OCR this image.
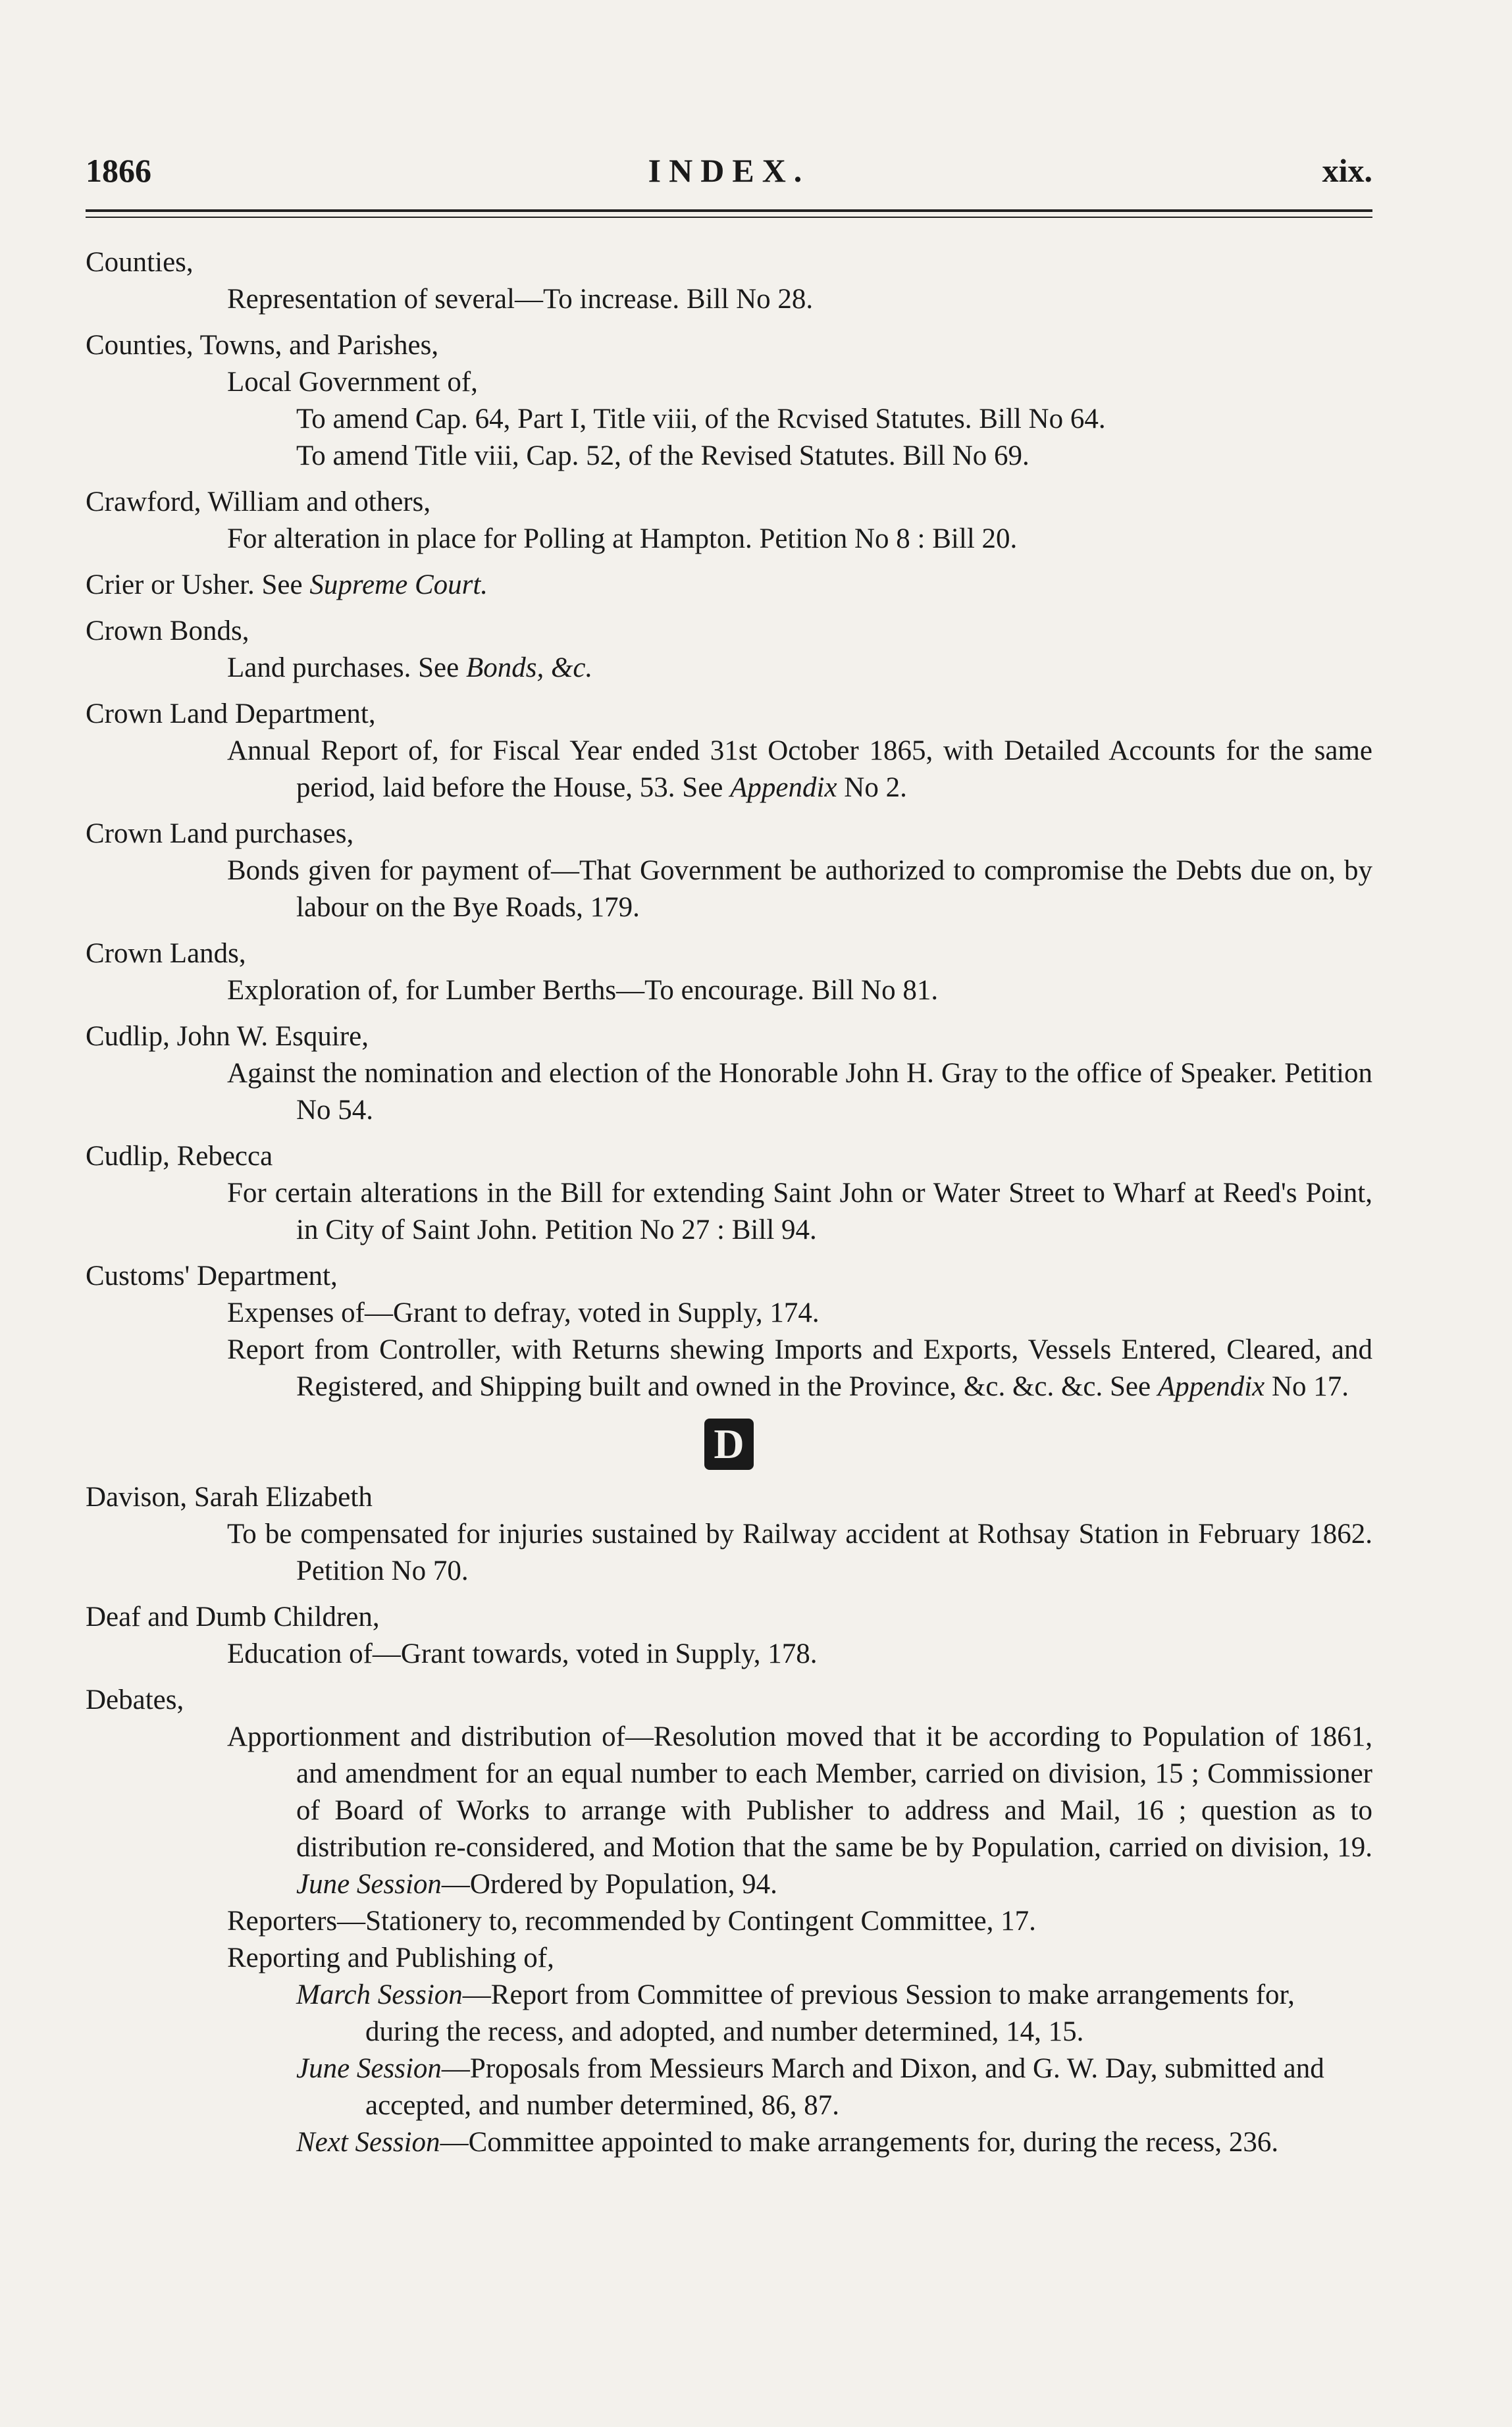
1866	INDEX.	xix.
Counties,
Representation of several—To increase. Bill No 28.
Counties, Towns, and Parishes,
Local Government of,
To amend Cap. 64, Part I, Title viii, of the Rcvised Statutes. Bill No 64.
To amend Title viii, Cap. 52, of the Revised Statutes. Bill No 69.
Crawford, William and others,
For alteration in place for Polling at Hampton. Petition No 8 : Bill 20.
Crier or Usher. See Supreme Court.
Crown Bonds,
Land purchases. See Bonds, &c.
Crown Land Department,
Annual Report of, for Fiscal Year ended 31st October 1865, with Detailed Accounts for the same period, laid before the House, 53. See Appendix No 2.
Crown Land purchases,
Bonds given for payment of—That Government be authorized to compromise the Debts due on, by labour on the Bye Roads, 179.
Crown Lands,
Exploration of, for Lumber Berths—To encourage. Bill No 81.
Cudlip, John W. Esquire,
Against the nomination and election of the Honorable John H. Gray to the office of Speaker. Petition No 54.
Cudlip, Rebecca
For certain alterations in the Bill for extending Saint John or Water Street to Wharf at Reed's Point, in City of Saint John. Petition No 27 : Bill 94.
Customs' Department,
Expenses of—Grant to defray, voted in Supply, 174.
Report from Controller, with Returns shewing Imports and Exports, Vessels Entered, Cleared, and Registered, and Shipping built and owned in the Province, &c. &c. &c. See Appendix No 17.
D
Davison, Sarah Elizabeth
To be compensated for injuries sustained by Railway accident at Rothsay Station in February 1862. Petition No 70.
Deaf and Dumb Children,
Education of—Grant towards, voted in Supply, 178.
Debates,
Apportionment and distribution of—Resolution moved that it be according to Population of 1861, and amendment for an equal number to each Member, carried on division, 15 ; Commissioner of Board of Works to arrange with Publisher to address and Mail, 16 ; question as to distribution re-considered, and Motion that the same be by Population, carried on division, 19. June Session—Ordered by Population, 94.
Reporters—Stationery to, recommended by Contingent Committee, 17.
Reporting and Publishing of,
March Session—Report from Committee of previous Session to make arrangements for, during the recess, and adopted, and number determined, 14, 15.
June Session—Proposals from Messieurs March and Dixon, and G. W. Day, submitted and accepted, and number determined, 86, 87.
Next Session—Committee appointed to make arrangements for, during the recess, 236.
